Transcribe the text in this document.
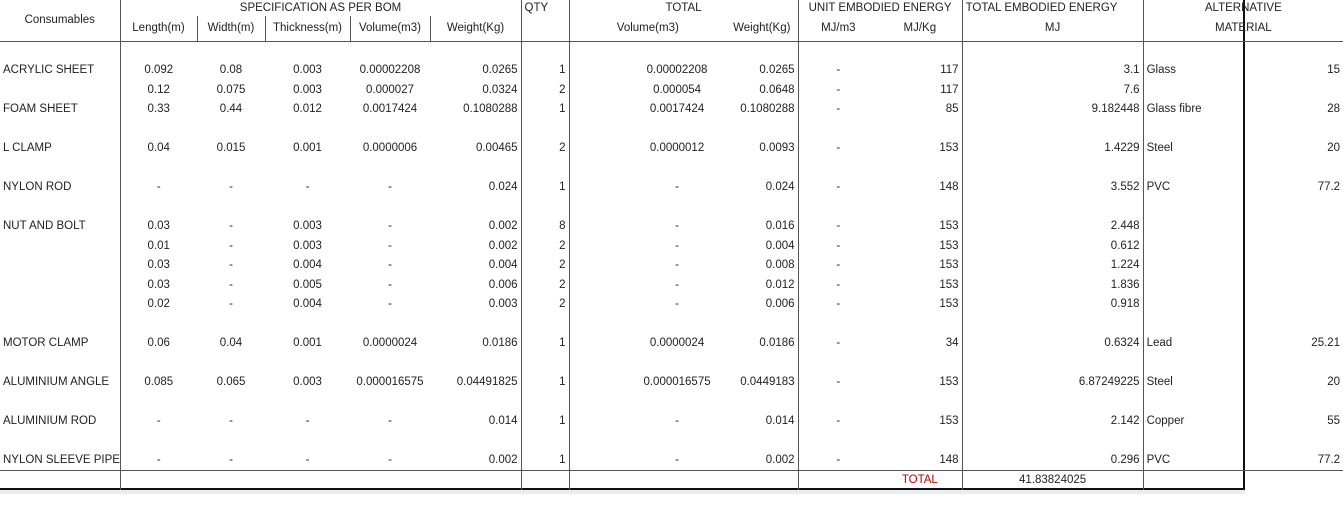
Consumables	SPECIFICATION AS PER BOM					QTY		TOTAL			UNIT EMBODIED ENERGY		TOTAL EMBODIED ENERGY	ALTERNATIVE	
	Length(m)	Width(m)	Thickness(m)	Volume(m3)	Weight(Kg)			Volume(m3)		Weight(Kg)	MJ/m3	MJ/Kg	MJ	MATERIAL	

ACRYLIC SHEET	0.092	0.08	0.003	0.00002208	0.0265		1		0.00002208	0.0265	-	117	3.1	Glass	15
	0.12	0.075	0.003	0.000027	0.0324		2		0.000054	0.0648	-	117	7.6		
FOAM SHEET	0.33	0.44	0.012	0.0017424	0.1080288		1		0.0017424	0.1080288	-	85	9.182448	Glass fibre	28

L CLAMP	0.04	0.015	0.001	0.0000006	0.00465		2		0.0000012	0.0093	-	153	1.4229	Steel	20

NYLON ROD	-	-	-	-	0.024		1		-	0.024	-	148	3.552	PVC	77.2

NUT AND BOLT	0.03	-	0.003	-	0.002		8		-	0.016	-	153	2.448		
	0.01	-	0.003	-	0.002		2		-	0.004	-	153	0.612		
	0.03	-	0.004	-	0.004		2		-	0.008	-	153	1.224		
	0.03	-	0.005	-	0.006		2		-	0.012	-	153	1.836		
	0.02	-	0.004	-	0.003		2		-	0.006	-	153	0.918		

MOTOR CLAMP	0.06	0.04	0.001	0.0000024	0.0186		1		0.0000024	0.0186	-	34	0.6324	Lead	25.21

ALUMINIUM ANGLE	0.085	0.065	0.003	0.000016575	0.04491825		1		0.000016575	0.0449183	-	153	6.87249225	Steel	20

ALUMINIUM ROD	-	-	-	-	0.014		1		-	0.014	-	153	2.142	Copper	55

NYLON SLEEVE PIPE	-	-	-	-	0.002		1		-	0.002	-	148	0.296	PVC	77.2
												TOTAL	41.83824025		
